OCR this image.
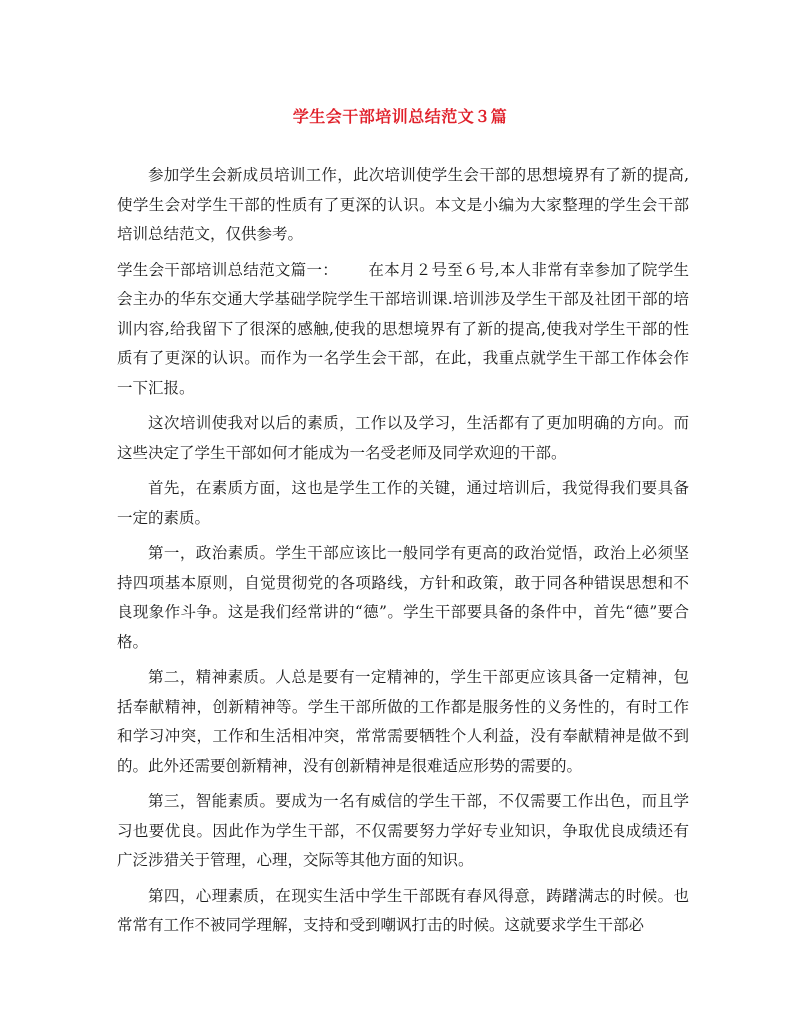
学生会干部培训总结范文３篇

参加学生会新成员培训工作，此次培训使学生会干部的思想境界有了新的提高,使学生会对学生干部的性质有了更深的认识。本文是小编为大家整理的学生会干部培训总结范文，仅供参考。

学生会干部培训总结范文篇一： 在本月２号至６号,本人非常有幸参加了院学生会主办的华东交通大学基础学院学生干部培训课.培训涉及学生干部及社团干部的培训内容,给我留下了很深的感触,使我的思想境界有了新的提高,使我对学生干部的性质有了更深的认识。而作为一名学生会干部，在此，我重点就学生干部工作体会作一下汇报。

这次培训使我对以后的素质，工作以及学习，生活都有了更加明确的方向。而这些决定了学生干部如何才能成为一名受老师及同学欢迎的干部。

首先，在素质方面，这也是学生工作的关键，通过培训后，我觉得我们要具备一定的素质。

第一，政治素质。学生干部应该比一般同学有更高的政治觉悟，政治上必须坚持四项基本原则，自觉贯彻党的各项路线，方针和政策，敢于同各种错误思想和不良现象作斗争。这是我们经常讲的“德”。学生干部要具备的条件中，首先“德”要合格。

第二，精神素质。人总是要有一定精神的，学生干部更应该具备一定精神，包括奉献精神，创新精神等。学生干部所做的工作都是服务性的义务性的，有时工作和学习冲突，工作和生活相冲突，常常需要牺牲个人利益，没有奉献精神是做不到的。此外还需要创新精神，没有创新精神是很难适应形势的需要的。

第三，智能素质。要成为一名有威信的学生干部，不仅需要工作出色，而且学习也要优良。因此作为学生干部，不仅需要努力学好专业知识，争取优良成绩还有广泛涉猎关于管理，心理，交际等其他方面的知识。

第四，心理素质，在现实生活中学生干部既有春风得意，踌躇满志的时候。也常常有工作不被同学理解，支持和受到嘲讽打击的时候。这就要求学生干部必
